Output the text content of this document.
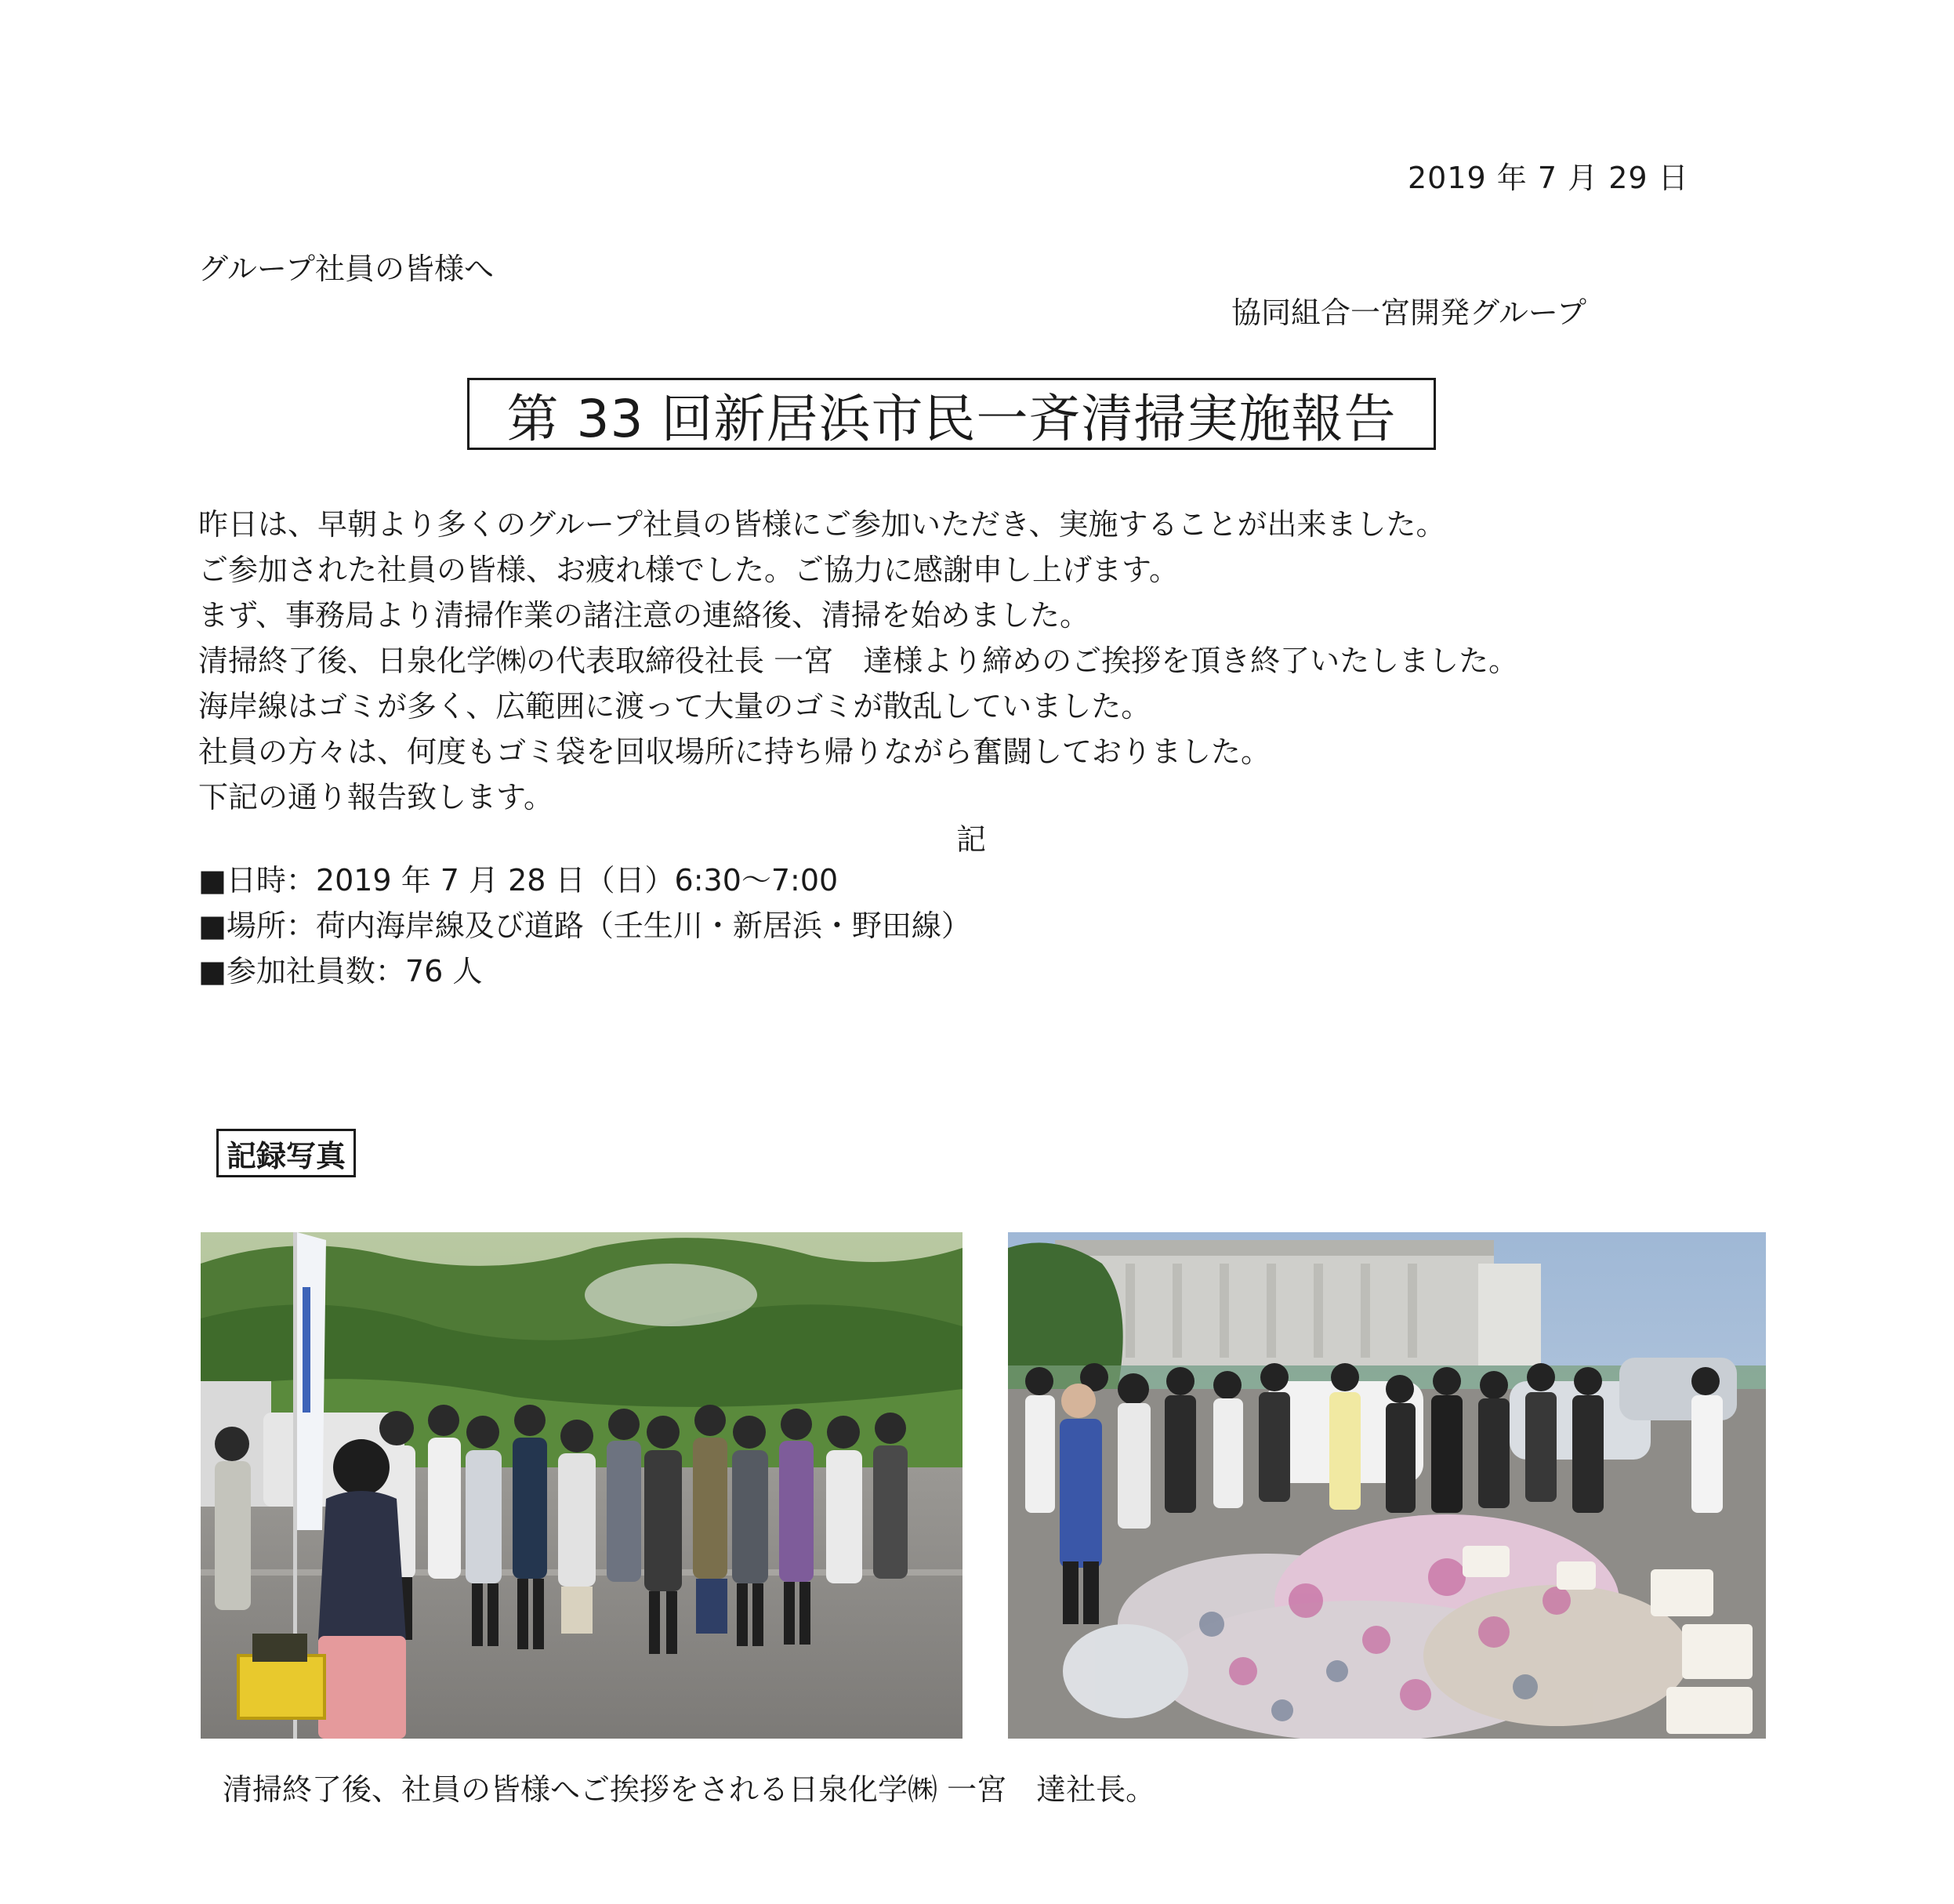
2019 年 7 月 29 日
グループ社員の皆様へ
協同組合一宮開発グループ
第 33 回新居浜市民一斉清掃実施報告
昨日は、早朝より多くのグループ社員の皆様にご参加いただき、実施することが出来ました。
ご参加された社員の皆様、お疲れ様でした。ご協力に感謝申し上げます。
まず、事務局より清掃作業の諸注意の連絡後、清掃を始めました。
清掃終了後、日泉化学㈱の代表取締役社長 一宮　達様より締めのご挨拶を頂き終了いたしました。
海岸線はゴミが多く、広範囲に渡って大量のゴミが散乱していました。
社員の方々は、何度もゴミ袋を回収場所に持ち帰りながら奮闘しておりました。
下記の通り報告致します。
記
■日時：2019 年 7 月 28 日（日）6:30～7:00
■場所：荷内海岸線及び道路（壬生川・新居浜・野田線）
■参加社員数：76 人
記録写真
清掃終了後、社員の皆様へご挨拶をされる日泉化学㈱ 一宮　達社長。
